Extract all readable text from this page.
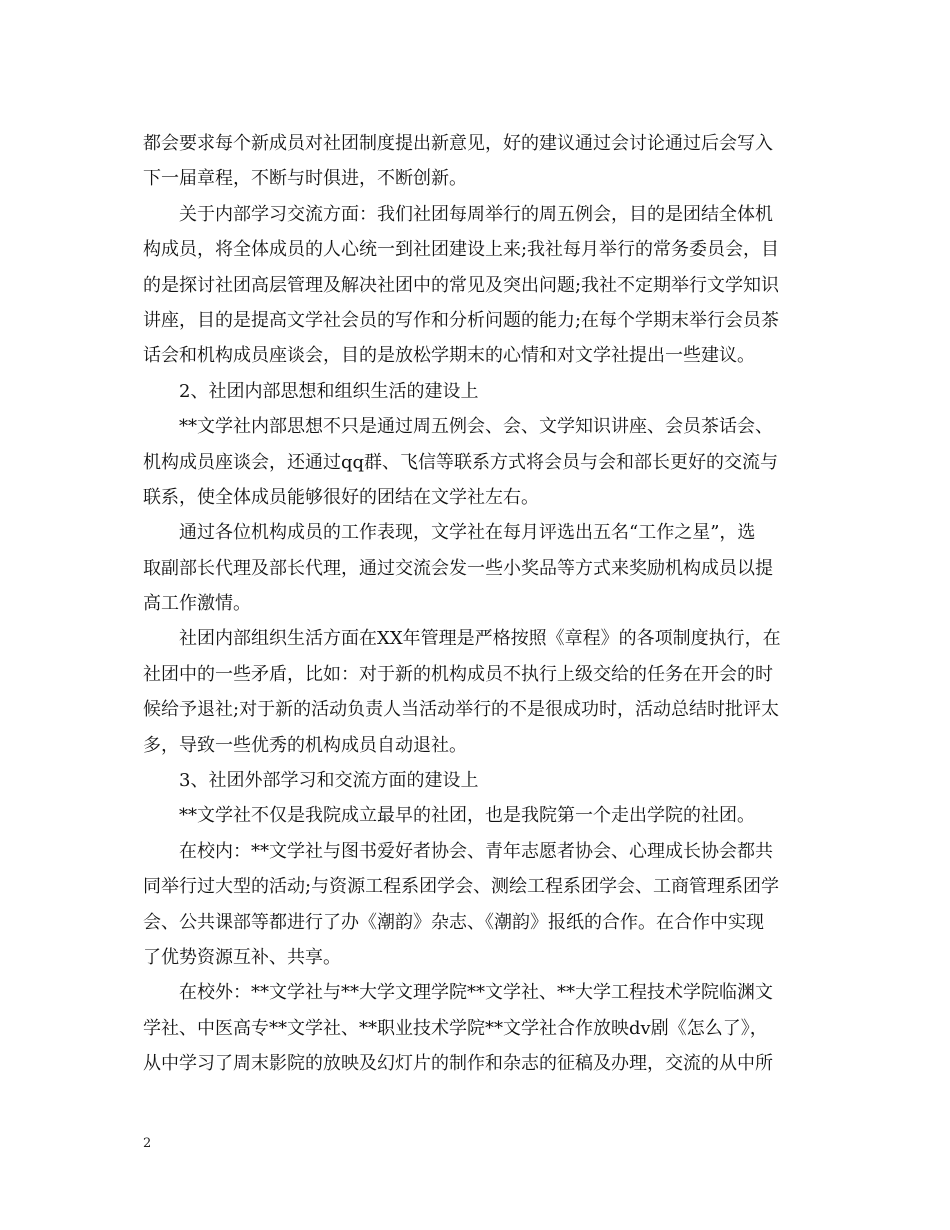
都会要求每个新成员对社团制度提出新意见，好的建议通过会讨论通过后会写入
下一届章程，不断与时俱进，不断创新。
关于内部学习交流方面：我们社团每周举行的周五例会，目的是团结全体机
构成员，将全体成员的人心统一到社团建设上来;我社每月举行的常务委员会，目
的是探讨社团高层管理及解决社团中的常见及突出问题;我社不定期举行文学知识
讲座，目的是提高文学社会员的写作和分析问题的能力;在每个学期末举行会员茶
话会和机构成员座谈会，目的是放松学期末的心情和对文学社提出一些建议。
2、社团内部思想和组织生活的建设上
**文学社内部思想不只是通过周五例会、会、文学知识讲座、会员茶话会、
机构成员座谈会，还通过qq群、飞信等联系方式将会员与会和部长更好的交流与
联系，使全体成员能够很好的团结在文学社左右。
通过各位机构成员的工作表现，文学社在每月评选出五名“工作之星”，选
取副部长代理及部长代理，通过交流会发一些小奖品等方式来奖励机构成员以提
高工作激情。
社团内部组织生活方面在XX年管理是严格按照《章程》的各项制度执行，在
社团中的一些矛盾，比如：对于新的机构成员不执行上级交给的任务在开会的时
候给予退社;对于新的活动负责人当活动举行的不是很成功时，活动总结时批评太
多，导致一些优秀的机构成员自动退社。
3、社团外部学习和交流方面的建设上
**文学社不仅是我院成立最早的社团，也是我院第一个走出学院的社团。
在校内：**文学社与图书爱好者协会、青年志愿者协会、心理成长协会都共
同举行过大型的活动;与资源工程系团学会、测绘工程系团学会、工商管理系团学
会、公共课部等都进行了办《潮韵》杂志、《潮韵》报纸的合作。在合作中实现
了优势资源互补、共享。
在校外：**文学社与**大学文理学院**文学社、**大学工程技术学院临渊文
学社、中医高专**文学社、**职业技术学院**文学社合作放映dv剧《怎么了》，
从中学习了周末影院的放映及幻灯片的制作和杂志的征稿及办理，交流的从中所
2
